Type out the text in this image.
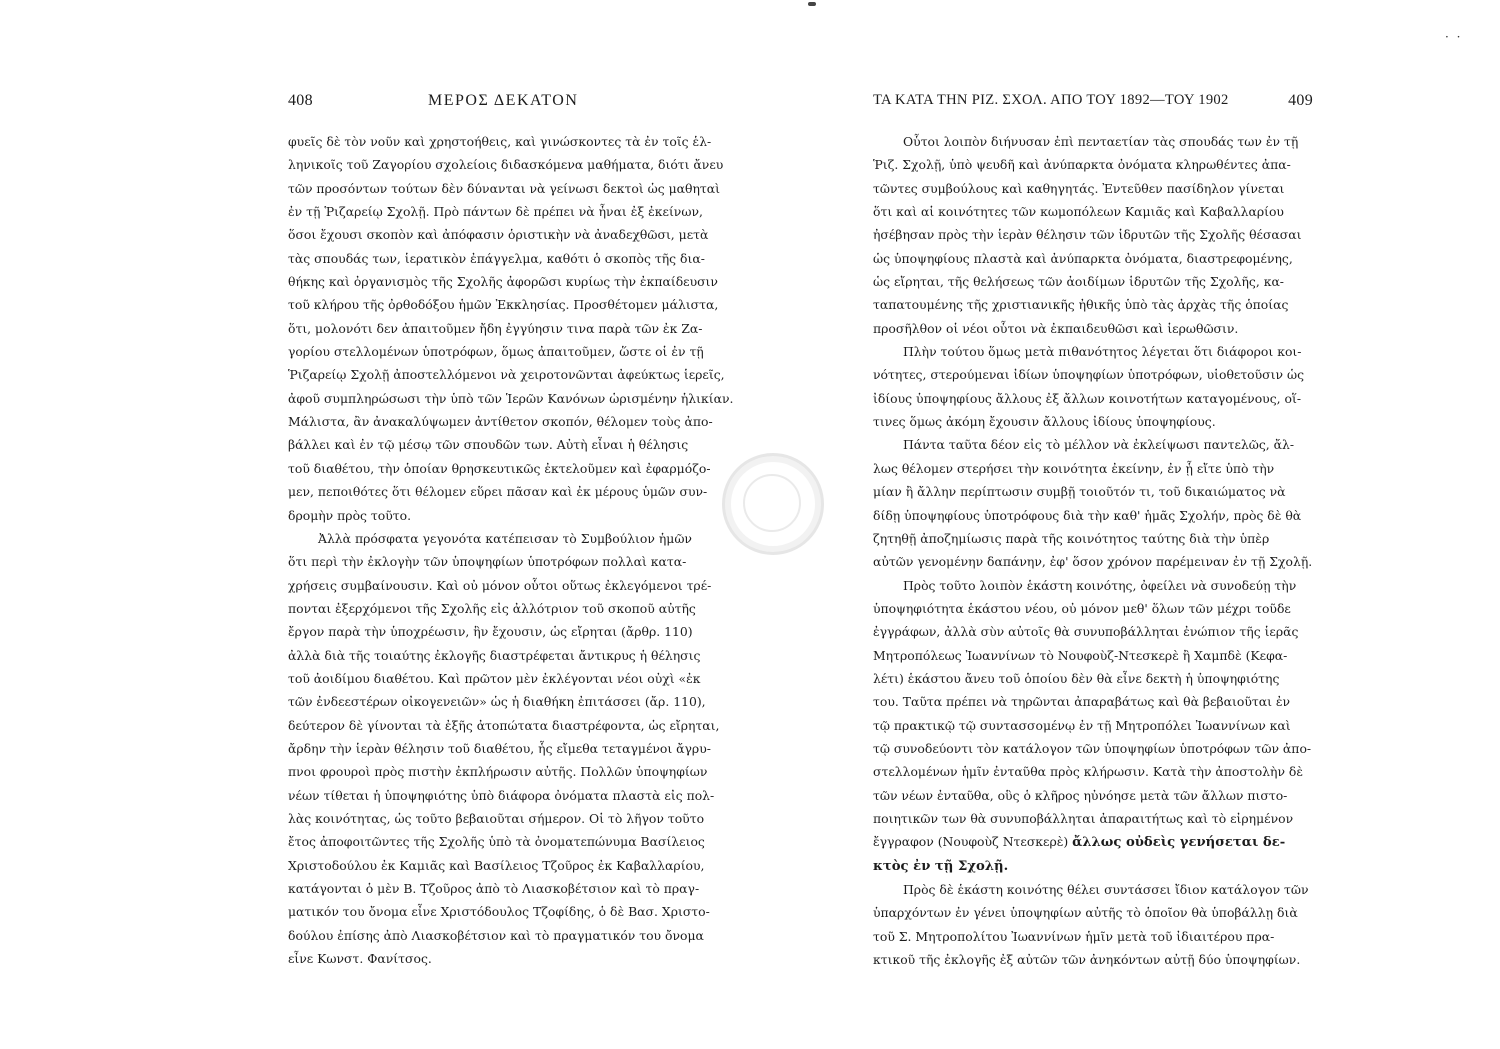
· ·
408	ΜΕΡΟΣ ΔΕΚΑΤΟΝ

φυεῖς δὲ τὸν νοῦν καὶ χρηστοήθεις, καὶ γινώσκοντες τὰ ἐν τοῖς ἑλ-
ληνικοῖς τοῦ Ζαγορίου σχολείοις διδασκόμενα μαθήματα, διότι ἄνευ
τῶν προσόντων τούτων δὲν δύνανται νὰ γείνωσι δεκτοὶ ὡς μαθηταὶ
ἐν τῇ Ῥιζαρείῳ Σχολῇ. Πρὸ πάντων δὲ πρέπει νὰ ἦναι ἐξ ἐκείνων,
ὅσοι ἔχουσι σκοπὸν καὶ ἀπόφασιν ὁριστικὴν νὰ ἀναδεχθῶσι, μετὰ
τὰς σπουδάς των, ἱερατικὸν ἐπάγγελμα, καθότι ὁ σκοπὸς τῆς δια-
θήκης καὶ ὀργανισμὸς τῆς Σχολῆς ἀφορῶσι κυρίως τὴν ἐκπαίδευσιν
τοῦ κλήρου τῆς ὀρθοδόξου ἡμῶν Ἐκκλησίας. Προσθέτομεν μάλιστα,
ὅτι, μολονότι δεν ἀπαιτοῦμεν ἤδη ἐγγύησιν τινα παρὰ τῶν ἐκ Ζα-
γορίου στελλομένων ὑποτρόφων, ὅμως ἀπαιτοῦμεν, ὥστε οἱ ἐν τῇ
Ῥιζαρείῳ Σχολῇ ἀποστελλόμενοι νὰ χειροτονῶνται ἀφεύκτως ἱερεῖς,
ἀφοῦ συμπληρώσωσι τὴν ὑπὸ τῶν Ἱερῶν Κανόνων ὡρισμένην ἡλικίαν.
Μάλιστα, ἂν ἀνακαλύψωμεν ἀντίθετον σκοπόν, θέλομεν τοὺς ἀπο-
βάλλει καὶ ἐν τῷ μέσῳ τῶν σπουδῶν των. Αὐτὴ εἶναι ἡ θέλησις
τοῦ διαθέτου, τὴν ὁποίαν θρησκευτικῶς ἐκτελοῦμεν καὶ ἐφαρμόζο-
μεν, πεποιθότες ὅτι θέλομεν εὕρει πᾶσαν καὶ ἐκ μέρους ὑμῶν συν-
δρομὴν πρὸς τοῦτο.

Ἀλλὰ πρόσφατα γεγονότα κατέπεισαν τὸ Συμβούλιον ἡμῶν
ὅτι περὶ τὴν ἐκλογὴν τῶν ὑποψηφίων ὑποτρόφων πολλαὶ κατα-
χρήσεις συμβαίνουσιν. Καὶ οὐ μόνον οὗτοι οὕτως ἐκλεγόμενοι τρέ-
πονται ἐξερχόμενοι τῆς Σχολῆς εἰς ἀλλότριον τοῦ σκοποῦ αὐτῆς
ἔργον παρὰ τὴν ὑποχρέωσιν, ἣν ἔχουσιν, ὡς εἴρηται (ἄρθρ. 110)
ἀλλὰ διὰ τῆς τοιαύτης ἐκλογῆς διαστρέφεται ἄντικρυς ἡ θέλησις
τοῦ ἀοιδίμου διαθέτου. Καὶ πρῶτον μὲν ἐκλέγονται νέοι οὐχὶ «ἐκ
τῶν ἐνδεεστέρων οἰκογενειῶν» ὡς ἡ διαθήκη ἐπιτάσσει (ἄρ. 110),
δεύτερον δὲ γίνονται τὰ ἐξῆς ἀτοπώτατα διαστρέφοντα, ὡς εἴρηται,
ἄρδην τὴν ἱερὰν θέλησιν τοῦ διαθέτου, ἧς εἴμεθα τεταγμένοι ἄγρυ-
πνοι φρουροὶ πρὸς πιστὴν ἐκπλήρωσιν αὐτῆς. Πολλῶν ὑποψηφίων
νέων τίθεται ἡ ὑποψηφιότης ὑπὸ διάφορα ὀνόματα πλαστὰ εἰς πολ-
λὰς κοινότητας, ὡς τοῦτο βεβαιοῦται σήμερον. Οἱ τὸ λῆγον τοῦτο
ἔτος ἀποφοιτῶντες τῆς Σχολῆς ὑπὸ τὰ ὀνοματεπώνυμα Βασίλειος
Χριστοδούλου ἐκ Καμιᾶς καὶ Βασίλειος Τζοῦρος ἐκ Καβαλλαρίου,
κατάγονται ὁ μὲν Β. Τζοῦρος ἀπὸ τὸ Λιασκοβέτσιον καὶ τὸ πραγ-
ματικόν του ὄνομα εἶνε Χριστόδουλος Τζοφίδης, ὁ δὲ Βασ. Χριστο-
δούλου ἐπίσης ἀπὸ Λιασκοβέτσιον καὶ τὸ πραγματικόν του ὄνομα
εἶνε Κωνστ. Φανίτσος.

ΤΑ ΚΑΤΑ ΤΗΝ ΡΙΖ. ΣΧΟΛ. ΑΠΟ ΤΟΥ 1892—ΤΟΥ 1902	409

Οὗτοι λοιπὸν διήνυσαν ἐπὶ πενταετίαν τὰς σπουδάς των ἐν τῇ
Ῥιζ. Σχολῇ, ὑπὸ ψευδῆ καὶ ἀνύπαρκτα ὀνόματα κληρωθέντες ἀπα-
τῶντες συμβούλους καὶ καθηγητάς. Ἐντεῦθεν πασίδηλον γίνεται
ὅτι καὶ αἱ κοινότητες τῶν κωμοπόλεων Καμιᾶς καὶ Καβαλλαρίου
ἠσέβησαν πρὸς τὴν ἱερὰν θέλησιν τῶν ἱδρυτῶν τῆς Σχολῆς θέσασαι
ὡς ὑποψηφίους πλαστὰ καὶ ἀνύπαρκτα ὀνόματα, διαστρεφομένης,
ὡς εἴρηται, τῆς θελήσεως τῶν ἀοιδίμων ἱδρυτῶν τῆς Σχολῆς, κα-
ταπατουμένης τῆς χριστιανικῆς ἠθικῆς ὑπὸ τὰς ἀρχὰς τῆς ὁποίας
προσῆλθον οἱ νέοι οὗτοι νὰ ἐκπαιδευθῶσι καὶ ἱερωθῶσιν.

Πλὴν τούτου ὅμως μετὰ πιθανότητος λέγεται ὅτι διάφοροι κοι-
νότητες, στερούμεναι ἰδίων ὑποψηφίων ὑποτρόφων, υἱοθετοῦσιν ὡς
ἰδίους ὑποψηφίους ἄλλους ἐξ ἄλλων κοινοτήτων καταγομένους, οἵ-
τινες ὅμως ἀκόμη ἔχουσιν ἄλλους ἰδίους ὑποψηφίους.

Πάντα ταῦτα δέον εἰς τὸ μέλλον νὰ ἐκλείψωσι παντελῶς, ἄλ-
λως θέλομεν στερήσει τὴν κοινότητα ἐκείνην, ἐν ᾗ εἴτε ὑπὸ τὴν
μίαν ἢ ἄλλην περίπτωσιν συμβῇ τοιοῦτόν τι, τοῦ δικαιώματος νὰ
δίδῃ ὑποψηφίους ὑποτρόφους διὰ τὴν καθ' ἡμᾶς Σχολήν, πρὸς δὲ θὰ
ζητηθῇ ἀποζημίωσις παρὰ τῆς κοινότητος ταύτης διὰ τὴν ὑπὲρ
αὐτῶν γενομένην δαπάνην, ἐφ' ὅσον χρόνον παρέμειναν ἐν τῇ Σχολῇ.

Πρὸς τοῦτο λοιπὸν ἑκάστη κοινότης, ὀφείλει νὰ συνοδεύῃ τὴν
ὑποψηφιότητα ἑκάστου νέου, οὐ μόνον μεθ' ὅλων τῶν μέχρι τοῦδε
ἐγγράφων, ἀλλὰ σὺν αὐτοῖς θὰ συνυποβάλληται ἐνώπιον τῆς ἱερᾶς
Μητροπόλεως Ἰωαννίνων τὸ Νουφοὺζ-Ντεσκερὲ ἢ Χαμπδὲ (Κεφα-
λέτι) ἑκάστου ἄνευ τοῦ ὁποίου δὲν θὰ εἶνε δεκτὴ ἡ ὑποψηφιότης
του. Ταῦτα πρέπει νὰ τηρῶνται ἀπαραβάτως καὶ θὰ βεβαιοῦται ἐν
τῷ πρακτικῷ τῷ συντασσομένῳ ἐν τῇ Μητροπόλει Ἰωαννίνων καὶ
τῷ συνοδεύοντι τὸν κατάλογον τῶν ὑποψηφίων ὑποτρόφων τῶν ἀπο-
στελλομένων ἡμῖν ἐνταῦθα πρὸς κλήρωσιν. Κατὰ τὴν ἀποστολὴν δὲ
τῶν νέων ἐνταῦθα, οὓς ὁ κλῆρος ηὐνόησε μετὰ τῶν ἄλλων πιστο-
ποιητικῶν των θὰ συνυποβάλληται ἀπαραιτήτως καὶ τὸ εἰρημένον
ἔγγραφον (Νουφοὺζ Ντεσκερὲ) ἄλλως οὐδεὶς γενήσεται δε-
κτὸς ἐν τῇ Σχολῇ.

Πρὸς δὲ ἑκάστη κοινότης θέλει συντάσσει ἴδιον κατάλογον τῶν
ὑπαρχόντων ἐν γένει ὑποψηφίων αὐτῆς τὸ ὁποῖον θὰ ὑποβάλλῃ διὰ
τοῦ Σ. Μητροπολίτου Ἰωαννίνων ἡμῖν μετὰ τοῦ ἰδιαιτέρου πρα-
κτικοῦ τῆς ἐκλογῆς ἐξ αὐτῶν τῶν ἀνηκόντων αὐτῇ δύο ὑποψηφίων.
